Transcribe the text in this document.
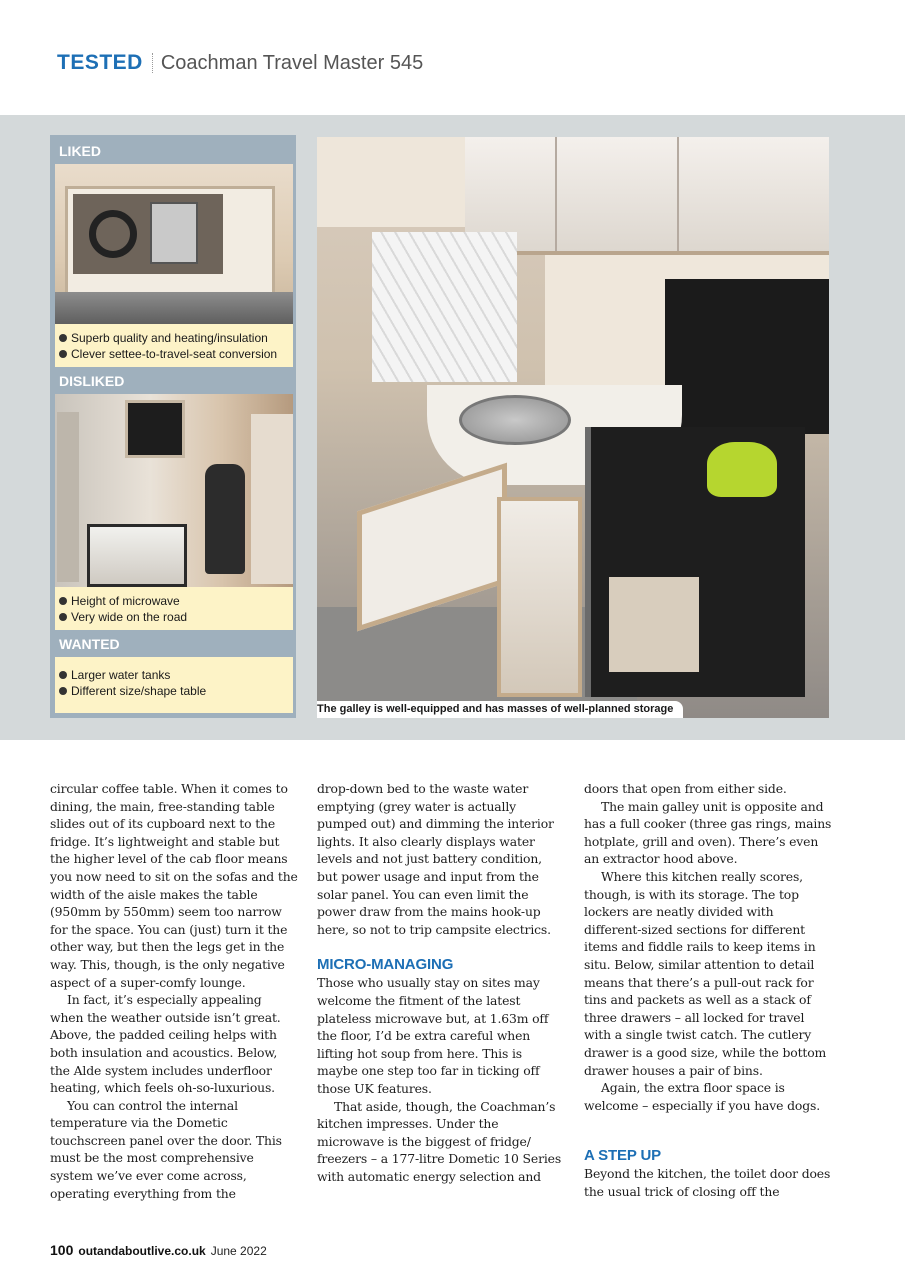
TESTED Coachman Travel Master 545
LIKED
Superb quality and heating/insulation
Clever settee-to-travel-seat conversion
DISLIKED
Height of microwave
Very wide on the road
WANTED
Larger water tanks
Different size/shape table
The galley is well-equipped and has masses of well-planned storage

circular coffee table. When it comes to dining, the main, free-standing table slides out of its cupboard next to the fridge. It’s lightweight and stable but the higher level of the cab floor means you now need to sit on the sofas and the width of the aisle makes the table (950mm by 550mm) seem too narrow for the space. You can (just) turn it the other way, but then the legs get in the way. This, though, is the only negative aspect of a super-comfy lounge.

In fact, it’s especially appealing when the weather outside isn’t great. Above, the padded ceiling helps with both insulation and acoustics. Below, the Alde system includes underfloor heating, which feels oh-so-luxurious.

You can control the internal temperature via the Dometic touchscreen panel over the door. This must be the most comprehensive system we’ve ever come across, operating everything from the

drop-down bed to the waste water emptying (grey water is actually pumped out) and dimming the interior lights. It also clearly displays water levels and not just battery condition, but power usage and input from the solar panel. You can even limit the power draw from the mains hook-up here, so not to trip campsite electrics.

MICRO-MANAGING

Those who usually stay on sites may welcome the fitment of the latest plateless microwave but, at 1.63m off the floor, I’d be extra careful when lifting hot soup from here. This is maybe one step too far in ticking off those UK features.

That aside, though, the Coachman’s kitchen impresses. Under the microwave is the biggest of fridge/ freezers – a 177-litre Dometic 10 Series with automatic energy selection and

doors that open from either side.

The main galley unit is opposite and has a full cooker (three gas rings, mains hotplate, grill and oven). There’s even an extractor hood above.

Where this kitchen really scores, though, is with its storage. The top lockers are neatly divided with different-sized sections for different items and fiddle rails to keep items in situ. Below, similar attention to detail means that there’s a pull-out rack for tins and packets as well as a stack of three drawers – all locked for travel with a single twist catch. The cutlery drawer is a good size, while the bottom drawer houses a pair of bins.

Again, the extra floor space is welcome – especially if you have dogs.

A STEP UP

Beyond the kitchen, the toilet door does the usual trick of closing off the

100 outandaboutlive.co.uk June 2022
